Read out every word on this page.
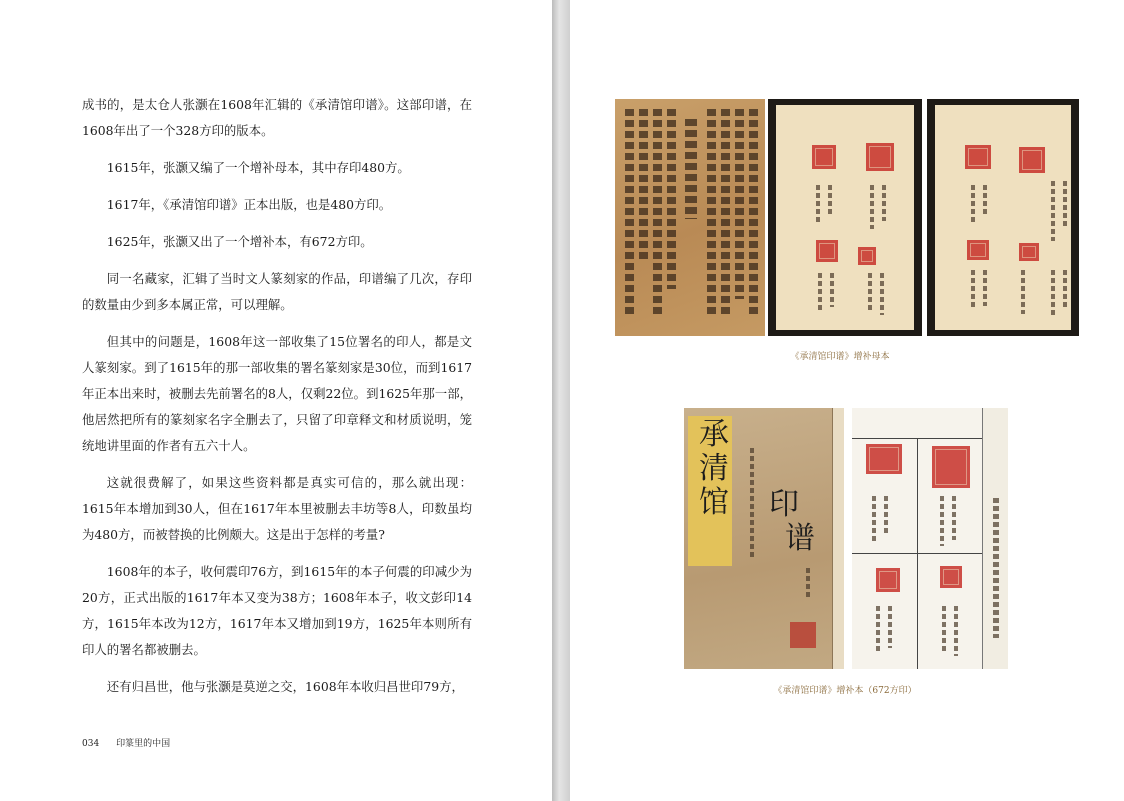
成书的，是太仓人张灏在1608年汇辑的《承清馆印谱》。这部印谱，在1608年出了一个328方印的版本。

1615年，张灏又编了一个增补母本，其中存印480方。

1617年，《承清馆印谱》正本出版，也是480方印。

1625年，张灏又出了一个增补本，有672方印。

同一名藏家，汇辑了当时文人篆刻家的作品，印谱编了几次，存印的数量由少到多本属正常，可以理解。

但其中的问题是，1608年这一部收集了15位署名的印人，都是文人篆刻家。到了1615年的那一部收集的署名篆刻家是30位，而到1617年正本出来时，被删去先前署名的8人，仅剩22位。到1625年那一部，他居然把所有的篆刻家名字全删去了，只留了印章释文和材质说明，笼统地讲里面的作者有五六十人。

这就很费解了，如果这些资料都是真实可信的，那么就出现：1615年本增加到30人，但在1617年本里被删去丰坊等8人，印数虽均为480方，而被替换的比例颇大。这是出于怎样的考量?

1608年的本子，收何震印76方，到1615年的本子何震的印减少为20方，正式出版的1617年本又变为38方；1608年本子，收文彭印14方，1615年本改为12方，1617年本又增加到19方，1625年本则所有印人的署名都被删去。

还有归昌世，他与张灏是莫逆之交，1608年本收归昌世印79方，

034 印篆里的中国
《承清馆印谱》增补母本
承
清
馆 印
谱
《承清馆印谱》增补本（672方印）
